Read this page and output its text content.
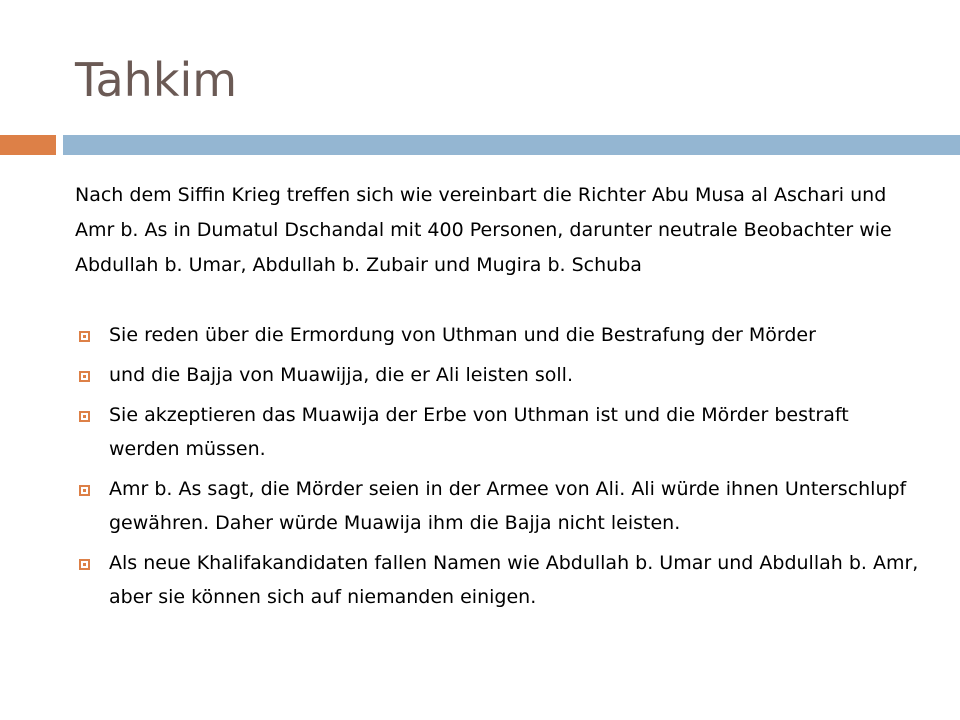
Tahkim

Nach dem Siffin Krieg treffen sich wie vereinbart die Richter Abu Musa al Aschari und Amr b. As in Dumatul Dschandal mit 400 Personen, darunter neutrale Beobachter wie Abdullah b. Umar, Abdullah b. Zubair und Mugira b. Schuba

Sie reden über die Ermordung von Uthman und die Bestrafung der Mörder
und die Bajja von Muawijja, die er Ali leisten soll.
Sie akzeptieren das Muawija der Erbe von Uthman ist und die Mörder bestraft werden müssen.
Amr b. As sagt, die Mörder seien in der Armee von Ali. Ali würde ihnen Unterschlupf gewähren. Daher würde Muawija ihm die Bajja nicht leisten.
Als neue Khalifakandidaten fallen Namen wie Abdullah b. Umar und Abdullah b. Amr, aber sie können sich auf niemanden einigen.
